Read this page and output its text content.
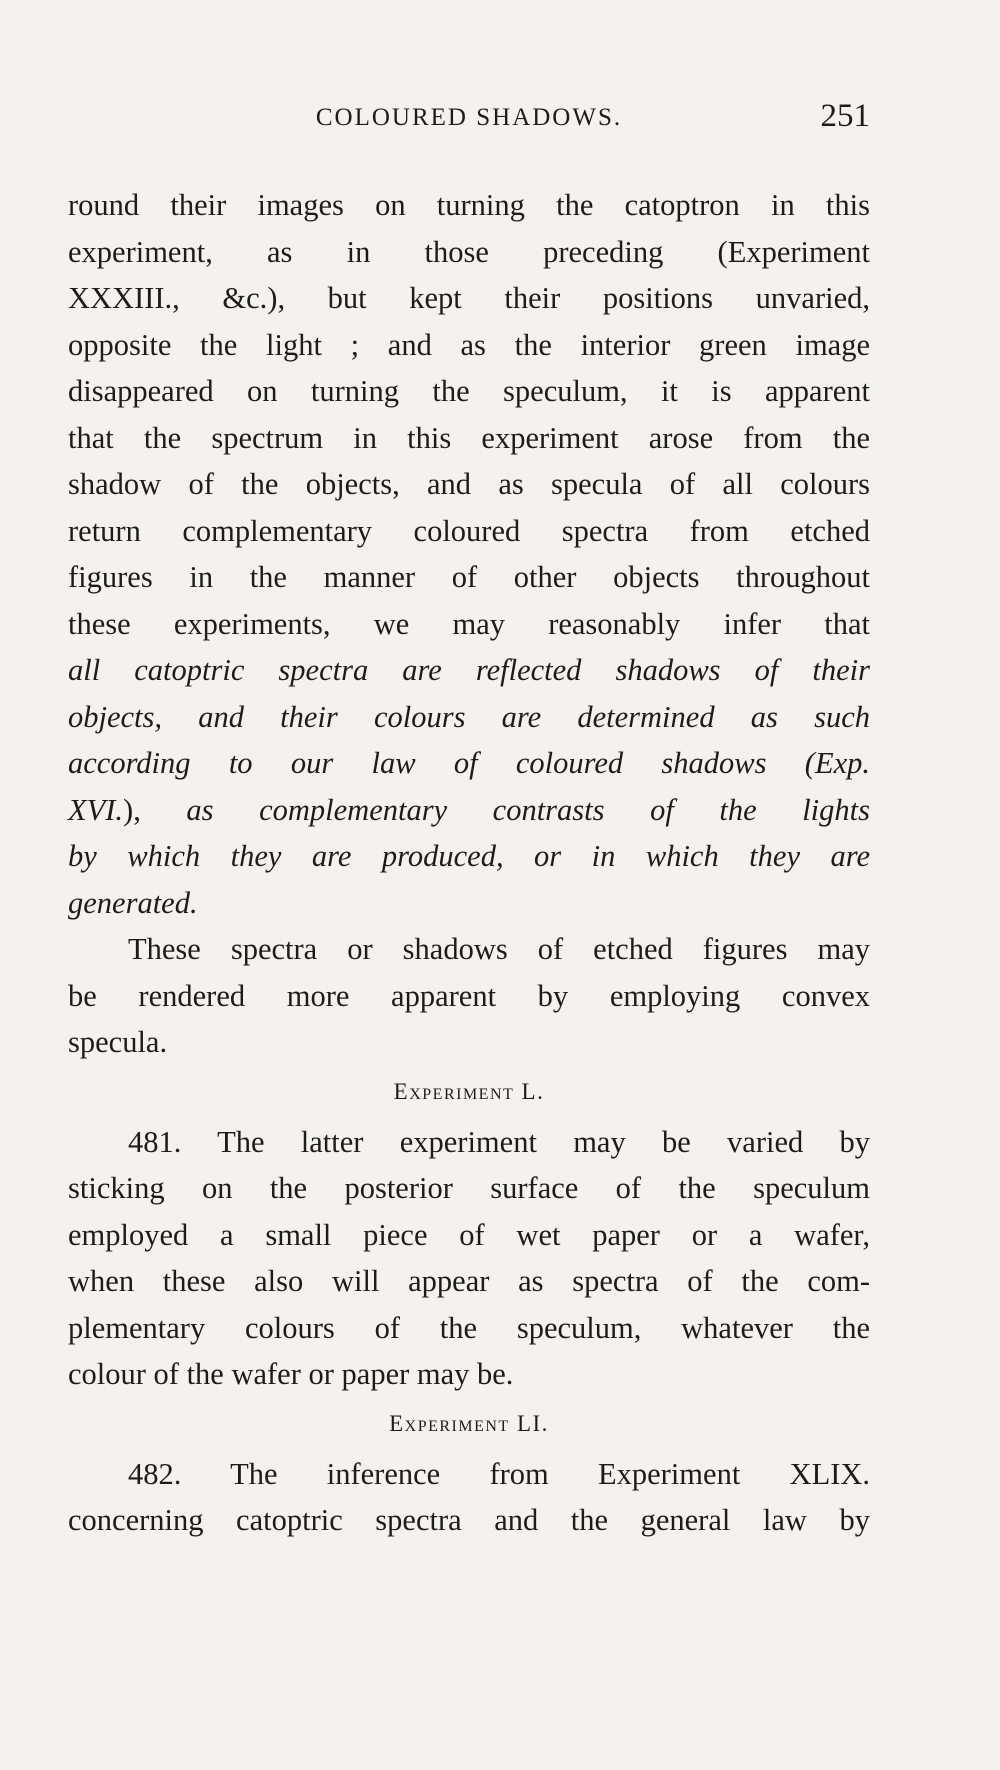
COLOURED SHADOWS.	251
round their images on turning the catoptron in this
experiment, as in those preceding (Experiment
XXXIII., &c.), but kept their positions unvaried,
opposite the light ; and as the interior green image
disappeared on turning the speculum, it is apparent
that the spectrum in this experiment arose from the
shadow of the objects, and as specula of all colours
return complementary coloured spectra from etched
figures in the manner of other objects throughout
these experiments, we may reasonably infer that
all catoptric spectra are reflected shadows of their
objects, and their colours are determined as such
according to our law of coloured shadows (Exp.
XVI.), as complementary contrasts of the lights
by which they are produced, or in which they are
generated.
These spectra or shadows of etched figures may
be rendered more apparent by employing convex
specula.
Experiment L.
481. The latter experiment may be varied by
sticking on the posterior surface of the speculum
employed a small piece of wet paper or a wafer,
when these also will appear as spectra of the com-
plementary colours of the speculum, whatever the
colour of the wafer or paper may be.
Experiment LI.
482. The inference from Experiment XLIX.
concerning catoptric spectra and the general law by
